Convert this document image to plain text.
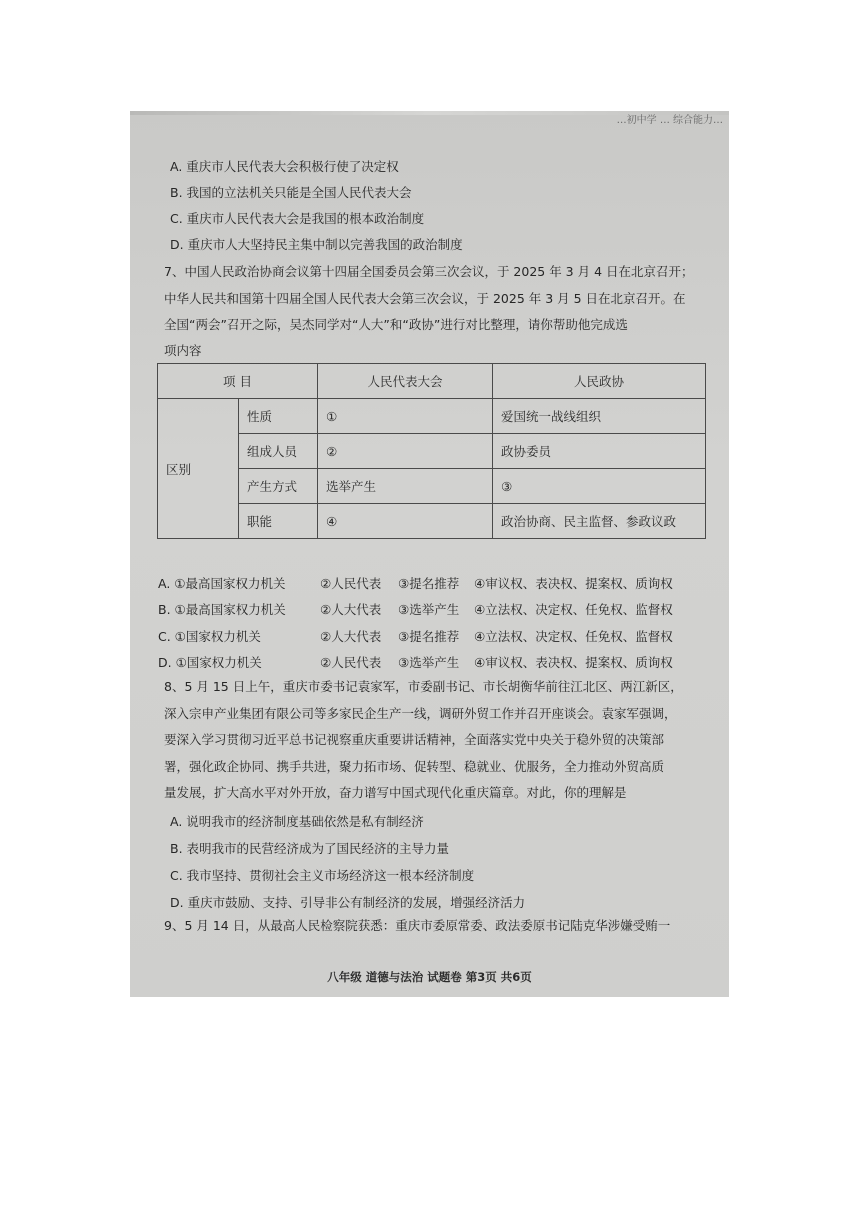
…初中学 … 综合能力…
A. 重庆市人民代表大会积极行使了决定权
B. 我国的立法机关只能是全国人民代表大会
C. 重庆市人民代表大会是我国的根本政治制度
D. 重庆市人大坚持民主集中制以完善我国的政治制度
7、中国人民政治协商会议第十四届全国委员会第三次会议，于 2025 年 3 月 4 日在北京召开；
中华人民共和国第十四届全国人民代表大会第三次会议，于 2025 年 3 月 5 日在北京召开。在
全国“两会”召开之际，吴杰同学对“人大”和“政协”进行对比整理，请你帮助他完成选
项内容
项 目		人民代表大会	人民政协
区别	性质	①	爱国统一战线组织
	组成人员	②	政协委员
	产生方式	选举产生	③
	职能	④	政治协商、民主监督、参政议政
A. ①最高国家权力机关	②人民代表 ③提名推荐 ④审议权、表决权、提案权、质询权
B. ①最高国家权力机关	②人大代表 ③选举产生 ④立法权、决定权、任免权、监督权
C. ①国家权力机关	②人大代表 ③提名推荐 ④立法权、决定权、任免权、监督权
D. ①国家权力机关	②人民代表 ③选举产生 ④审议权、表决权、提案权、质询权
8、5 月 15 日上午，重庆市委书记袁家军，市委副书记、市长胡衡华前往江北区、两江新区，
深入宗申产业集团有限公司等多家民企生产一线，调研外贸工作并召开座谈会。袁家军强调，
要深入学习贯彻习近平总书记视察重庆重要讲话精神，全面落实党中央关于稳外贸的决策部
署，强化政企协同、携手共进，聚力拓市场、促转型、稳就业、优服务，全力推动外贸高质
量发展，扩大高水平对外开放，奋力谱写中国式现代化重庆篇章。对此，你的理解是
A. 说明我市的经济制度基础依然是私有制经济
B. 表明我市的民营经济成为了国民经济的主导力量
C. 我市坚持、贯彻社会主义市场经济这一根本经济制度
D. 重庆市鼓励、支持、引导非公有制经济的发展，增强经济活力
9、5 月 14 日，从最高人民检察院获悉：重庆市委原常委、政法委原书记陆克华涉嫌受贿一
八年级 道德与法治 试题卷 第3页 共6页
